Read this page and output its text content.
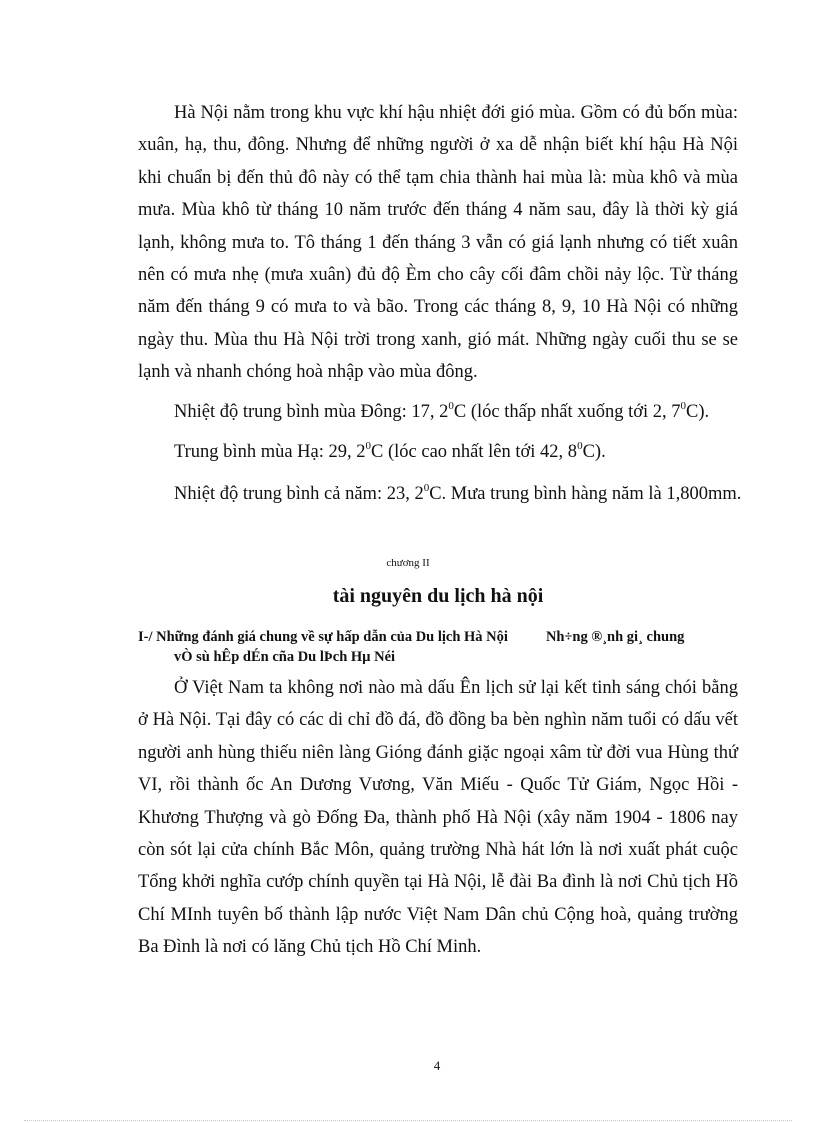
Hà Nội nằm trong khu vực khí hậu nhiệt đới gió mùa. Gồm có đủ bốn mùa: xuân, hạ, thu, đông. Nhưng để những người ở xa dễ nhận biết khí hậu Hà Nội khi chuẩn bị đến thủ đô này có thể tạm chia thành hai mùa là: mùa khô và mùa mưa. Mùa khô từ tháng 10 năm trước đến tháng 4 năm sau, đây là thời kỳ giá lạnh, không mưa to. Tô tháng 1 đến tháng 3 vẫn có giá lạnh nhưng có tiết xuân nên có mưa nhẹ (mưa xuân) đủ độ Èm cho cây cối đâm chồi nảy lộc. Từ tháng năm đến tháng 9 có mưa to và bão. Trong các tháng 8, 9, 10 Hà Nội có những ngày thu. Mùa thu Hà Nội trời trong xanh, gió mát. Những ngày cuối thu se se lạnh và nhanh chóng hoà nhập vào mùa đông.

Nhiệt độ trung bình mùa Đông: 17, $2^0C$ (lóc thấp nhất xuống tới 2, $7^0C$).

Trung bình mùa Hạ: 29, $2^0C$ (lóc cao nhất lên tới 42, $8^0C$).

Nhiệt độ trung bình cả năm: 23, $2^0C$. Mưa trung bình hàng năm là 1,800mm.

chương II

tài nguyên du lịch hà nội
I-/ Những đánh giá chung về sự hấp dẫn của Du lịch Hà Nội	Nh÷ng ®¸nh gi¸ chung
vÒ sù hÊp dÉn cña Du lÞch Hµ Néi

Ở Việt Nam ta không nơi nào mà dấu Ên lịch sử lại kết tinh sáng chói bằng ở Hà Nội. Tại đây có các di chỉ đồ đá, đồ đồng ba bèn nghìn năm tuổi có dấu vết người anh hùng thiếu niên làng Gióng đánh giặc ngoại xâm từ đời vua Hùng thứ VI, rồi thành ốc An Dương Vương, Văn Miếu - Quốc Tử Giám, Ngọc Hồi - Khương Thượng và gò Đống Đa, thành phố Hà Nội (xây năm 1904 - 1806 nay còn sót lại cửa chính Bắc Môn, quảng trường Nhà hát lớn là nơi xuất phát cuộc Tổng khởi nghĩa cướp chính quyền tại Hà Nội, lễ đài Ba đình là nơi Chủ tịch Hồ Chí MInh tuyên bố thành lập nước Việt Nam Dân chủ Cộng hoà, quảng trường Ba Đình là nơi có lăng Chủ tịch Hồ Chí Minh.

4
